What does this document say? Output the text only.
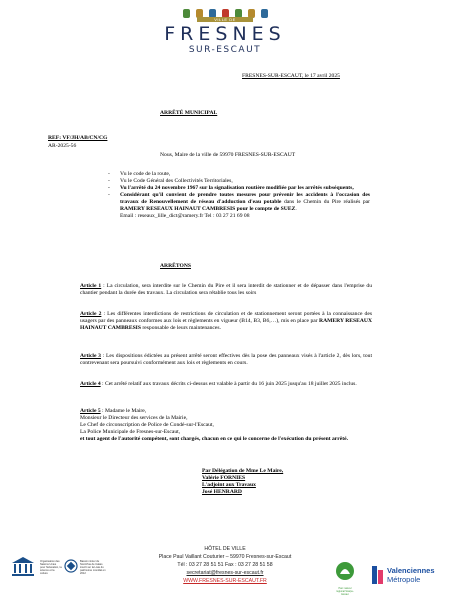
VILLE DE
FRESNES
SUR-ESCAUT
FRESNES-SUR-ESCAUT, le 17 avril 2025
ARRÊTÉ MUNICIPAL
REF: VF/JH/AB/CN/CG
AR-2025-56
Nous, Maire de la ville de 59970 FRESNES-SUR-ESCAUT
- Vu le code de la route,
- Vu le Code Général des Collectivités Territoriales,
- Vu l'arrêté du 24 novembre 1967 sur la signalisation routière modifiée par les arrêtés subséquents,
- Considérant qu'il convient de prendre toutes mesures pour prévenir les accidents à l'occasion des travaux de Renouvellement de réseau d'adduction d'eau potable dans le Chemin du Pire réalisés par RAMERY RESEAUX HAINAUT CAMBRESIS pour le compte de SUEZ.
Email : reseaux_lille_dict@ramery.fr Tel : 03 27 21 69 08
ARRÊTONS
Article 1 : La circulation, sera interdite sur le Chemin du Pire et il sera interdit de stationner et de dépasser dans l'emprise du chantier pendant la durée des travaux. La circulation sera rétablie tous les soirs
Article 2 : Les différentes interdictions de restrictions de circulation et de stationnement seront portées à la connaissance des usagers par des panneaux conformes aux lois et règlements en vigueur (B14, B3, B6,…), mis en place par RAMERY RESEAUX HAINAUT CAMBRESIS responsable de leurs maintenances.
Article 3 : Les dispositions édictées au présent arrêté seront effectives dès la pose des panneaux visés à l'article 2, dès lors, tout contrevenant sera poursuivi conformément aux lois et règlements en cours.
Article 4 : Cet arrêté relatif aux travaux décrits ci-dessus est valable à partir du 16 juin 2025 jusqu'au 18 juillet 2025 inclus.
Article 5 : Madame le Maire,
Monsieur le Directeur des services de la Mairie,
Le Chef de circonscription de Police de Condé-sur-l'Escaut,
La Police Municipale de Fresnes-sur-Escaut,
et tout agent de l'autorité compétent, sont chargés, chacun en ce qui le concerne de l'exécution du présent arrêté.
Par Délégation de Mme Le Maire,
Valérie FORNIES
L'adjoint aux Travaux
José HENRARD
Organisation des Nations Unies pour l'éducation, la science et la culture
Bassin minier du Nord-Pas de Calais inscrit sur la Liste du patrimoine mondial en 2012
HÔTEL DE VILLE
Place Paul Vaillant Couturier – 59970 Fresnes-sur-Escaut
Tél : 03 27 28 51 51 Fax : 03 27 28 51 58
secretariat@fresnes-sur-escaut.fr
WWW.FRESNES-SUR-ESCAUT.FR
Parc naturel régional Scarpe-Escaut
Valenciennes
Métropole
